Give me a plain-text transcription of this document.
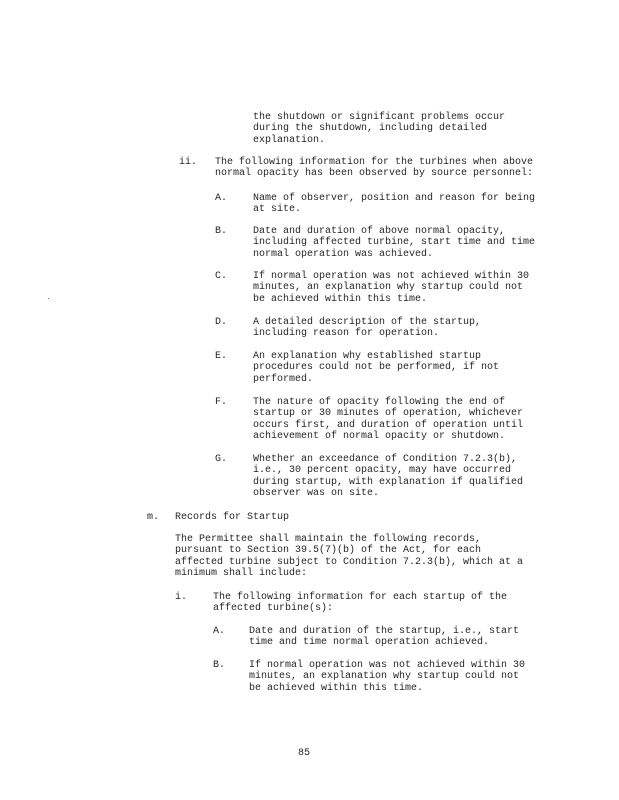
the shutdown or significant problems occur
during the shutdown, including detailed
explanation.
ii. The following information for the turbines when above
normal opacity has been observed by source personnel:
A.	Name of observer, position and reason for being
at site.
B.	Date and duration of above normal opacity,
including affected turbine, start time and time
normal operation was achieved.
C.	If normal operation was not achieved within 30
minutes, an explanation why startup could not
be achieved within this time.
D.	A detailed description of the startup,
including reason for operation.
E.	An explanation why established startup
procedures could not be performed, if not
performed.
F.	The nature of opacity following the end of
startup or 30 minutes of operation, whichever
occurs first, and duration of operation until
achievement of normal opacity or shutdown.
G.	Whether an exceedance of Condition 7.2.3(b),
i.e., 30 percent opacity, may have occurred
during startup, with explanation if qualified
observer was on site.
m. Records for Startup
The Permittee shall maintain the following records,
pursuant to Section 39.5(7)(b) of the Act, for each
affected turbine subject to Condition 7.2.3(b), which at a
minimum shall include:
i.	The following information for each startup of the
affected turbine(s):
A. Date and duration of the startup, i.e., start
time and time normal operation achieved.
B. If normal operation was not achieved within 30
minutes, an explanation why startup could not
be achieved within this time.
85
